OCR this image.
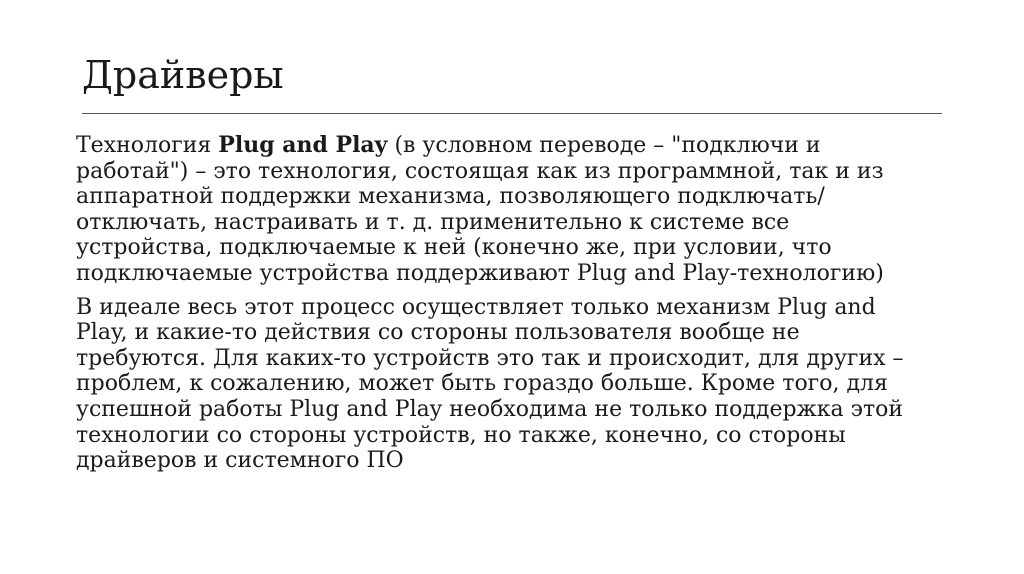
Драйверы

Технология Plug and Play (в условном переводе – "подключи и работай") – это технология, состоящая как из программной, так и из аппаратной поддержки механизма, позволяющего подключать/отключать, настраивать и т. д. применительно к системе все устройства, подключаемые к ней (конечно же, при условии, что подключаемые устройства поддерживают Plug and Play-технологию)

В идеале весь этот процесс осуществляет только механизм Plug and Play, и какие-то действия со стороны пользователя вообще не требуются. Для каких-то устройств это так и происходит, для других – проблем, к сожалению, может быть гораздо больше. Кроме того, для успешной работы Plug and Play необходима не только поддержка этой технологии со стороны устройств, но также, конечно, со стороны драйверов и системного ПО
